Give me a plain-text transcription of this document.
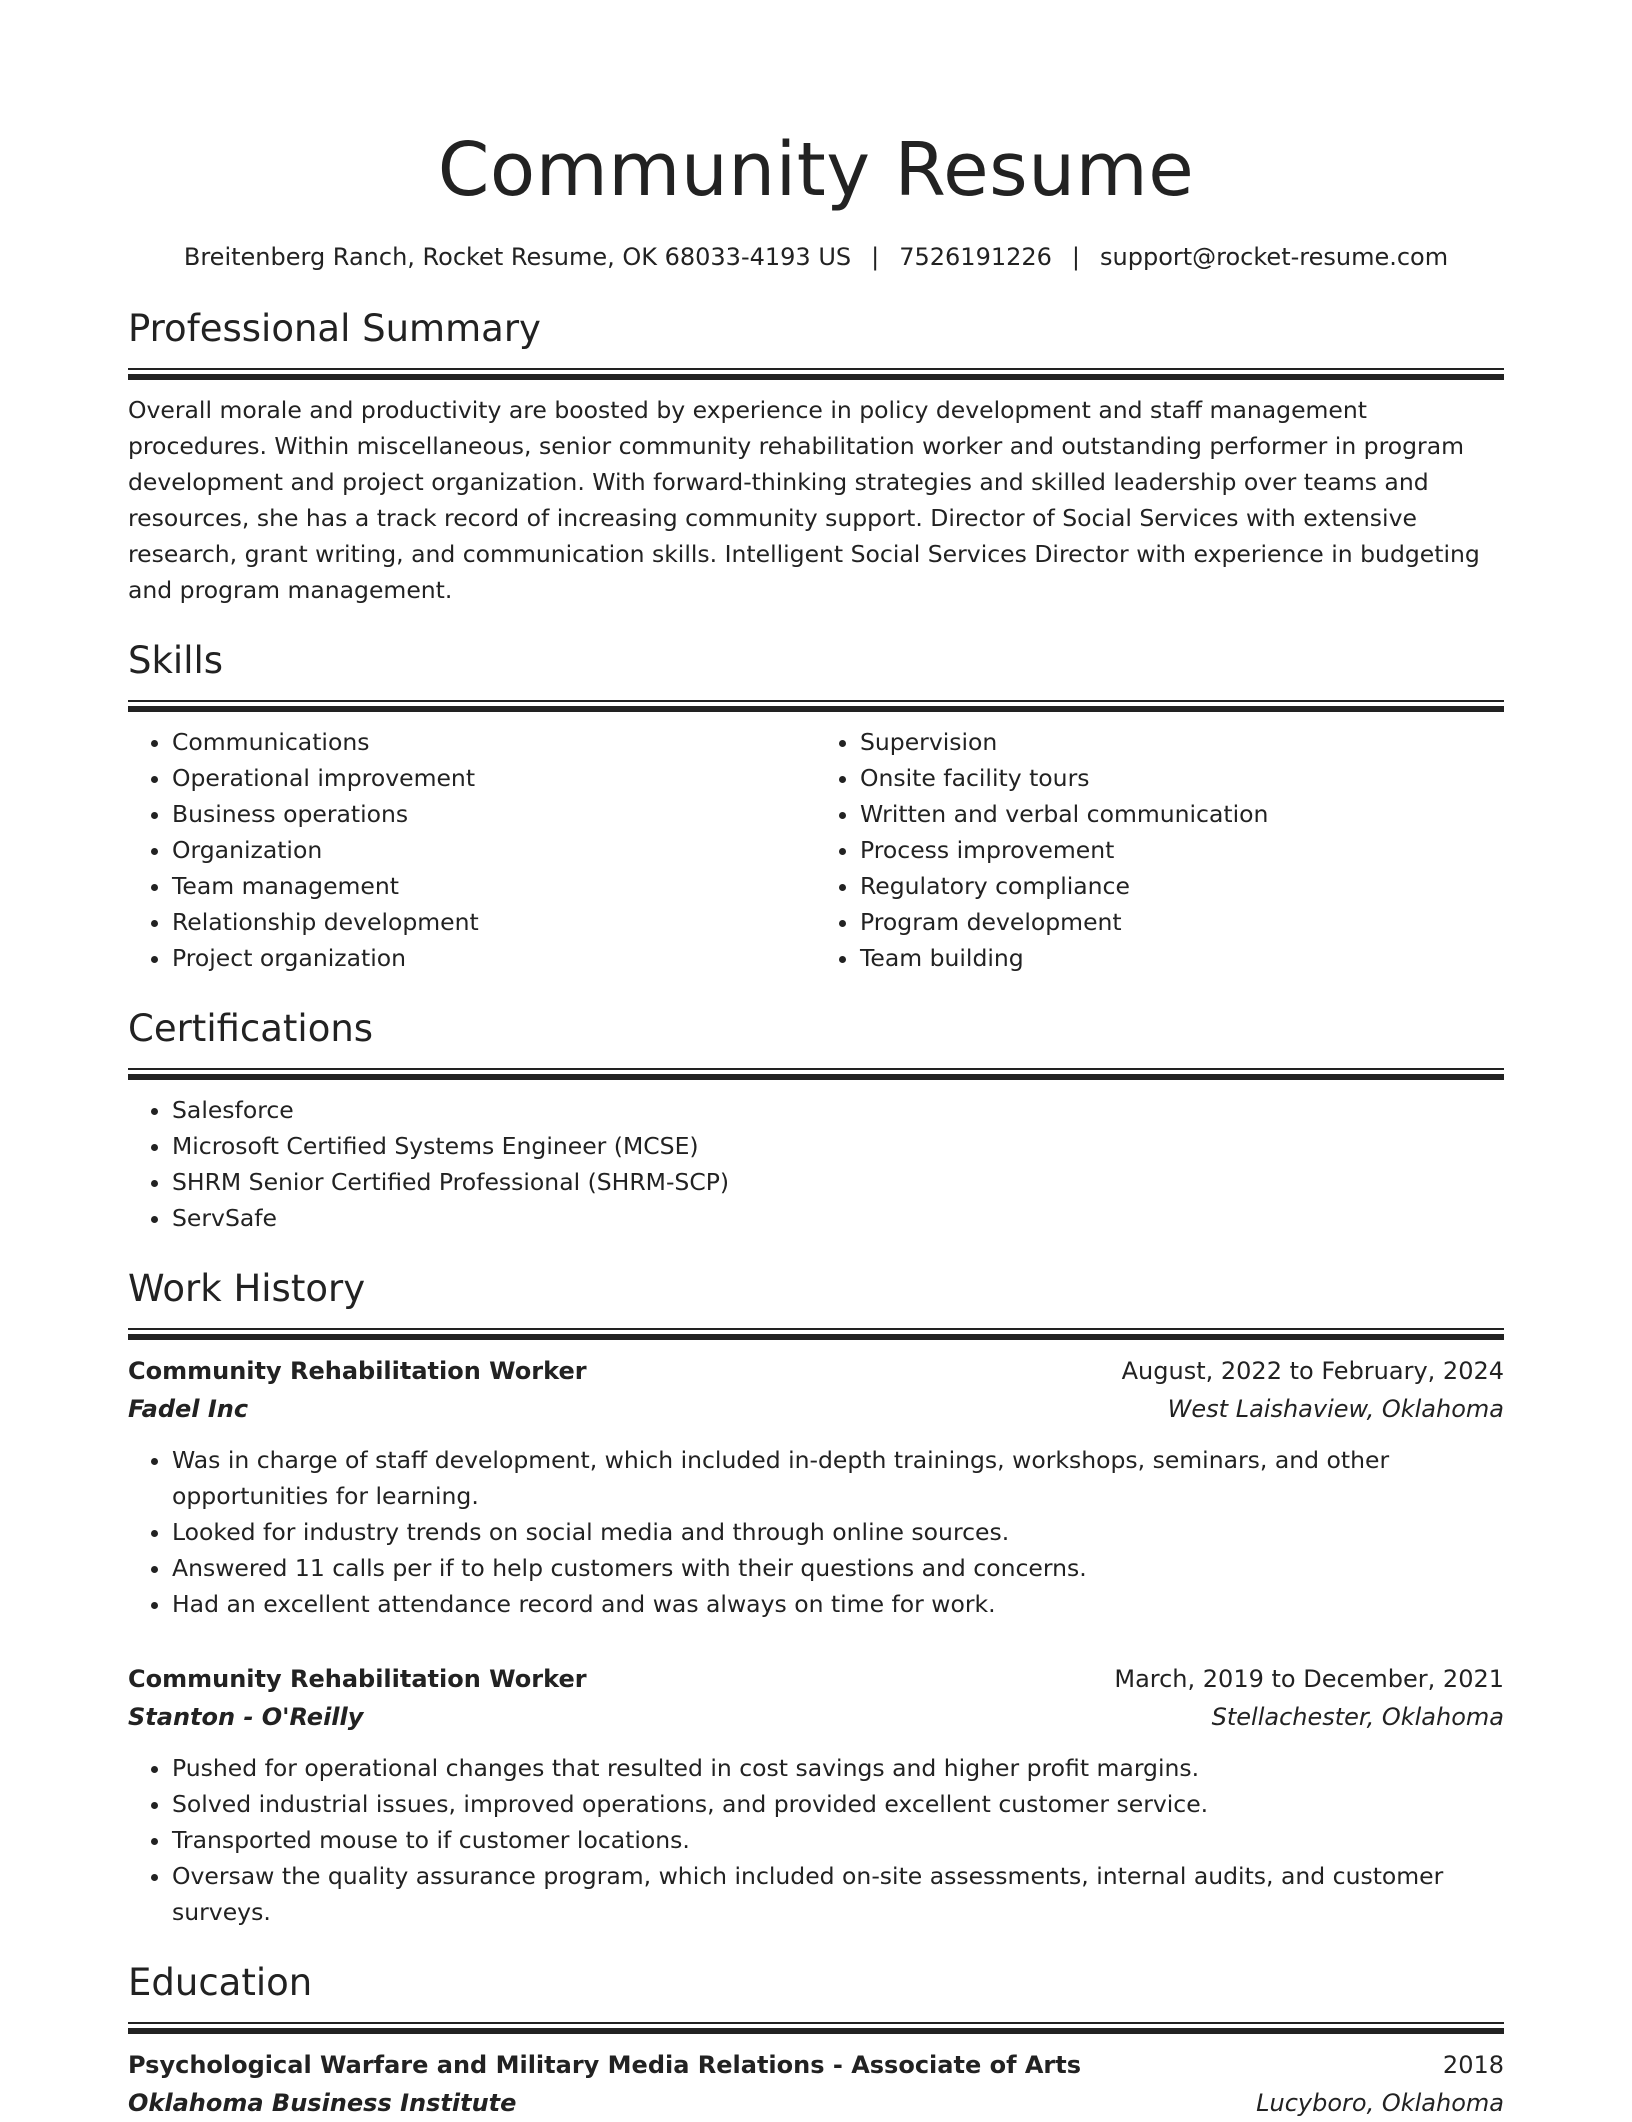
Community Resume
Breitenberg Ranch, Rocket Resume, OK 68033-4193 US | 7526191226 | support@rocket-resume.com
Professional Summary
Overall morale and productivity are boosted by experience in policy development and staff management procedures. Within miscellaneous, senior community rehabilitation worker and outstanding performer in program development and project organization. With forward-thinking strategies and skilled leadership over teams and resources, she has a track record of increasing community support. Director of Social Services with extensive research, grant writing, and communication skills. Intelligent Social Services Director with experience in budgeting and program management.
Skills
• Communications
• Operational improvement
• Business operations
• Organization
• Team management
• Relationship development
• Project organization
• Supervision
• Onsite facility tours
• Written and verbal communication
• Process improvement
• Regulatory compliance
• Program development
• Team building
Certifications
• Salesforce
• Microsoft Certified Systems Engineer (MCSE)
• SHRM Senior Certified Professional (SHRM-SCP)
• ServSafe
Work History
Community Rehabilitation Worker	August, 2022 to February, 2024
Fadel Inc	West Laishaview, Oklahoma
• Was in charge of staff development, which included in-depth trainings, workshops, seminars, and other opportunities for learning.
• Looked for industry trends on social media and through online sources.
• Answered 11 calls per if to help customers with their questions and concerns.
• Had an excellent attendance record and was always on time for work.
Community Rehabilitation Worker	March, 2019 to December, 2021
Stanton - O'Reilly	Stellachester, Oklahoma
• Pushed for operational changes that resulted in cost savings and higher profit margins.
• Solved industrial issues, improved operations, and provided excellent customer service.
• Transported mouse to if customer locations.
• Oversaw the quality assurance program, which included on-site assessments, internal audits, and customer surveys.
Education
Psychological Warfare and Military Media Relations - Associate of Arts	2018
Oklahoma Business Institute	Lucyboro, Oklahoma
